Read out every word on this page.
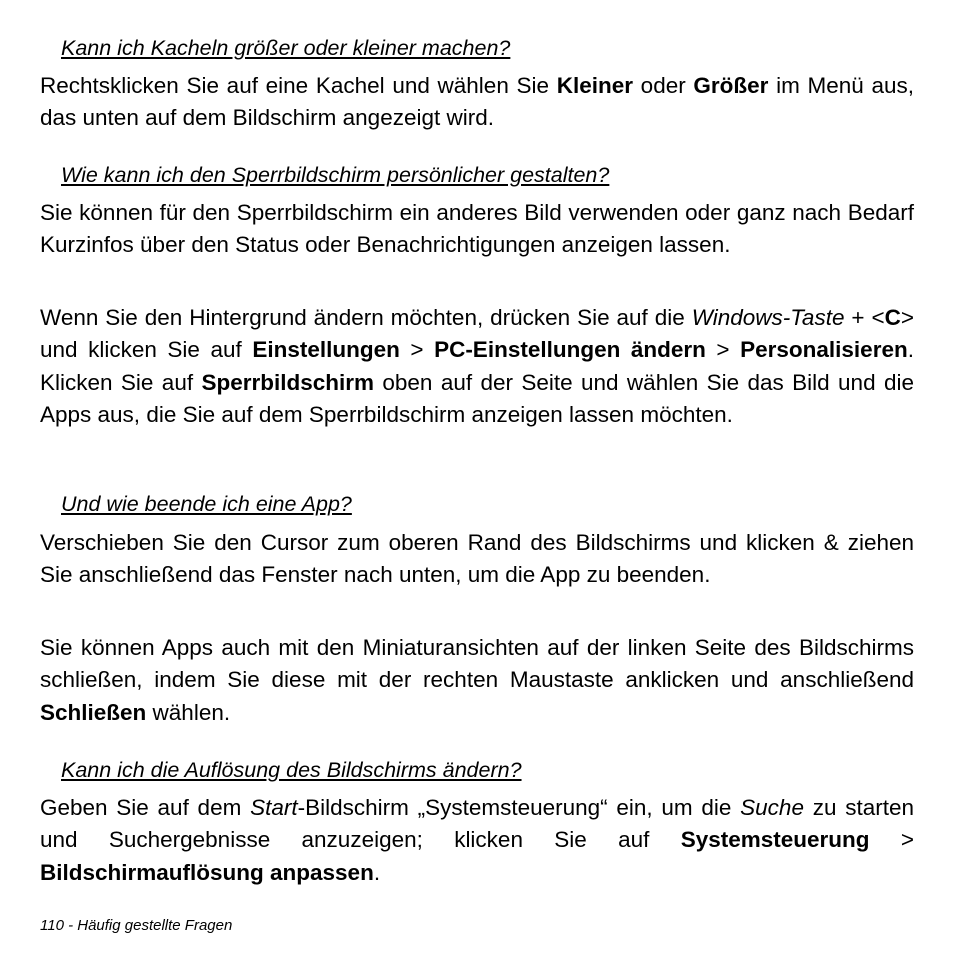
Kann ich Kacheln größer oder kleiner machen?

Rechtsklicken Sie auf eine Kachel und wählen Sie Kleiner oder Größer im Menü aus, das unten auf dem Bildschirm angezeigt wird.

Wie kann ich den Sperrbildschirm persönlicher gestalten?

Sie können für den Sperrbildschirm ein anderes Bild verwenden oder ganz nach Bedarf Kurzinfos über den Status oder Benachrichtigungen anzeigen lassen.

Wenn Sie den Hintergrund ändern möchten, drücken Sie auf die Windows-Taste + <C> und klicken Sie auf Einstellungen > PC-Einstellungen ändern > Personalisieren. Klicken Sie auf Sperrbildschirm oben auf der Seite und wählen Sie das Bild und die Apps aus, die Sie auf dem Sperrbildschirm anzeigen lassen möchten.

Und wie beende ich eine App?

Verschieben Sie den Cursor zum oberen Rand des Bildschirms und klicken & ziehen Sie anschließend das Fenster nach unten, um die App zu beenden.

Sie können Apps auch mit den Miniaturansichten auf der linken Seite des Bildschirms schließen, indem Sie diese mit der rechten Maustaste anklicken und anschließend Schließen wählen.

Kann ich die Auflösung des Bildschirms ändern?

Geben Sie auf dem Start-Bildschirm „Systemsteuerung“ ein, um die Suche zu starten und Suchergebnisse anzuzeigen; klicken Sie auf Systemsteuerung > Bildschirmauflösung anpassen.

110 - Häufig gestellte Fragen
